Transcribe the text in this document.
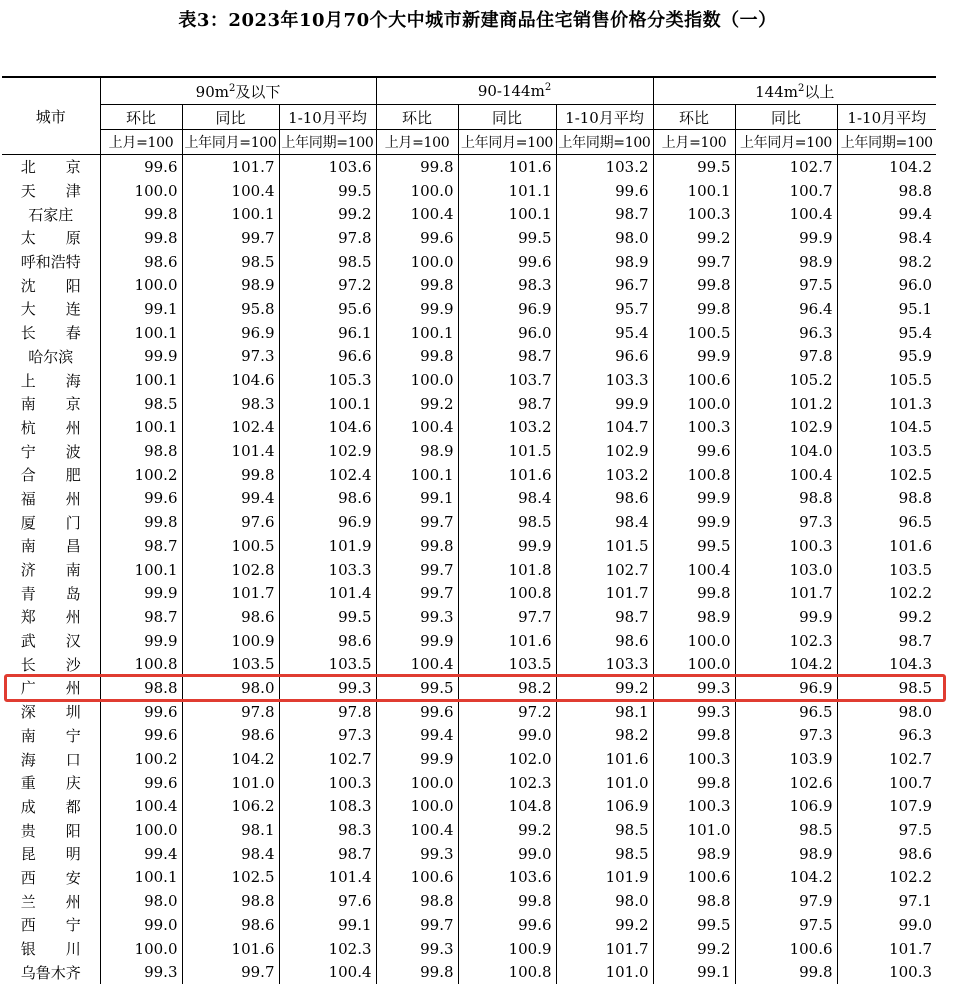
表3：2023年10月70个大中城市新建商品住宅销售价格分类指数（一）
城市	$90m^2$及以下			$90-144m^2$			$144m^2$以上		
	环比	同比	1-10月平均	环比	同比	1-10月平均	环比	同比	1-10月平均
	上月=100	上年同月=100	上年同期=100	上月=100	上年同月=100	上年同期=100	上月=100	上年同月=100	上年同期=100
北　　京	99.6	101.7	103.6	99.8	101.6	103.2	99.5	102.7	104.2
天　　津	100.0	100.4	99.5	100.0	101.1	99.6	100.1	100.7	98.8
石家庄	99.8	100.1	99.2	100.4	100.1	98.7	100.3	100.4	99.4
太　　原	99.8	99.7	97.8	99.6	99.5	98.0	99.2	99.9	98.4
呼和浩特	98.6	98.5	98.5	100.0	99.6	98.9	99.7	98.9	98.2
沈　　阳	100.0	98.9	97.2	99.8	98.3	96.7	99.8	97.5	96.0
大　　连	99.1	95.8	95.6	99.9	96.9	95.7	99.8	96.4	95.1
长　　春	100.1	96.9	96.1	100.1	96.0	95.4	100.5	96.3	95.4
哈尔滨	99.9	97.3	96.6	99.8	98.7	96.6	99.9	97.8	95.9
上　　海	100.1	104.6	105.3	100.0	103.7	103.3	100.6	105.2	105.5
南　　京	98.5	98.3	100.1	99.2	98.7	99.9	100.0	101.2	101.3
杭　　州	100.1	102.4	104.6	100.4	103.2	104.7	100.3	102.9	104.5
宁　　波	98.8	101.4	102.9	98.9	101.5	102.9	99.6	104.0	103.5
合　　肥	100.2	99.8	102.4	100.1	101.6	103.2	100.8	100.4	102.5
福　　州	99.6	99.4	98.6	99.1	98.4	98.6	99.9	98.8	98.8
厦　　门	99.8	97.6	96.9	99.7	98.5	98.4	99.9	97.3	96.5
南　　昌	98.7	100.5	101.9	99.8	99.9	101.5	99.5	100.3	101.6
济　　南	100.1	102.8	103.3	99.7	101.8	102.7	100.4	103.0	103.5
青　　岛	99.9	101.7	101.4	99.7	100.8	101.7	99.8	101.7	102.2
郑　　州	98.7	98.6	99.5	99.3	97.7	98.7	98.9	99.9	99.2
武　　汉	99.9	100.9	98.6	99.9	101.6	98.6	100.0	102.3	98.7
长　　沙	100.8	103.5	103.5	100.4	103.5	103.3	100.0	104.2	104.3
广　　州	98.8	98.0	99.3	99.5	98.2	99.2	99.3	96.9	98.5
深　　圳	99.6	97.8	97.8	99.6	97.2	98.1	99.3	96.5	98.0
南　　宁	99.6	98.6	97.3	99.4	99.0	98.2	99.8	97.3	96.3
海　　口	100.2	104.2	102.7	99.9	102.0	101.6	100.3	103.9	102.7
重　　庆	99.6	101.0	100.3	100.0	102.3	101.0	99.8	102.6	100.7
成　　都	100.4	106.2	108.3	100.0	104.8	106.9	100.3	106.9	107.9
贵　　阳	100.0	98.1	98.3	100.4	99.2	98.5	101.0	98.5	97.5
昆　　明	99.4	98.4	98.7	99.3	99.0	98.5	98.9	98.9	98.6
西　　安	100.1	102.5	101.4	100.6	103.6	101.9	100.6	104.2	102.2
兰　　州	98.0	98.8	97.6	98.8	99.8	98.0	98.8	97.9	97.1
西　　宁	99.0	98.6	99.1	99.7	99.6	99.2	99.5	97.5	99.0
银　　川	100.0	101.6	102.3	99.3	100.9	101.7	99.2	100.6	101.7
乌鲁木齐	99.3	99.7	100.4	99.8	100.8	101.0	99.1	99.8	100.3
